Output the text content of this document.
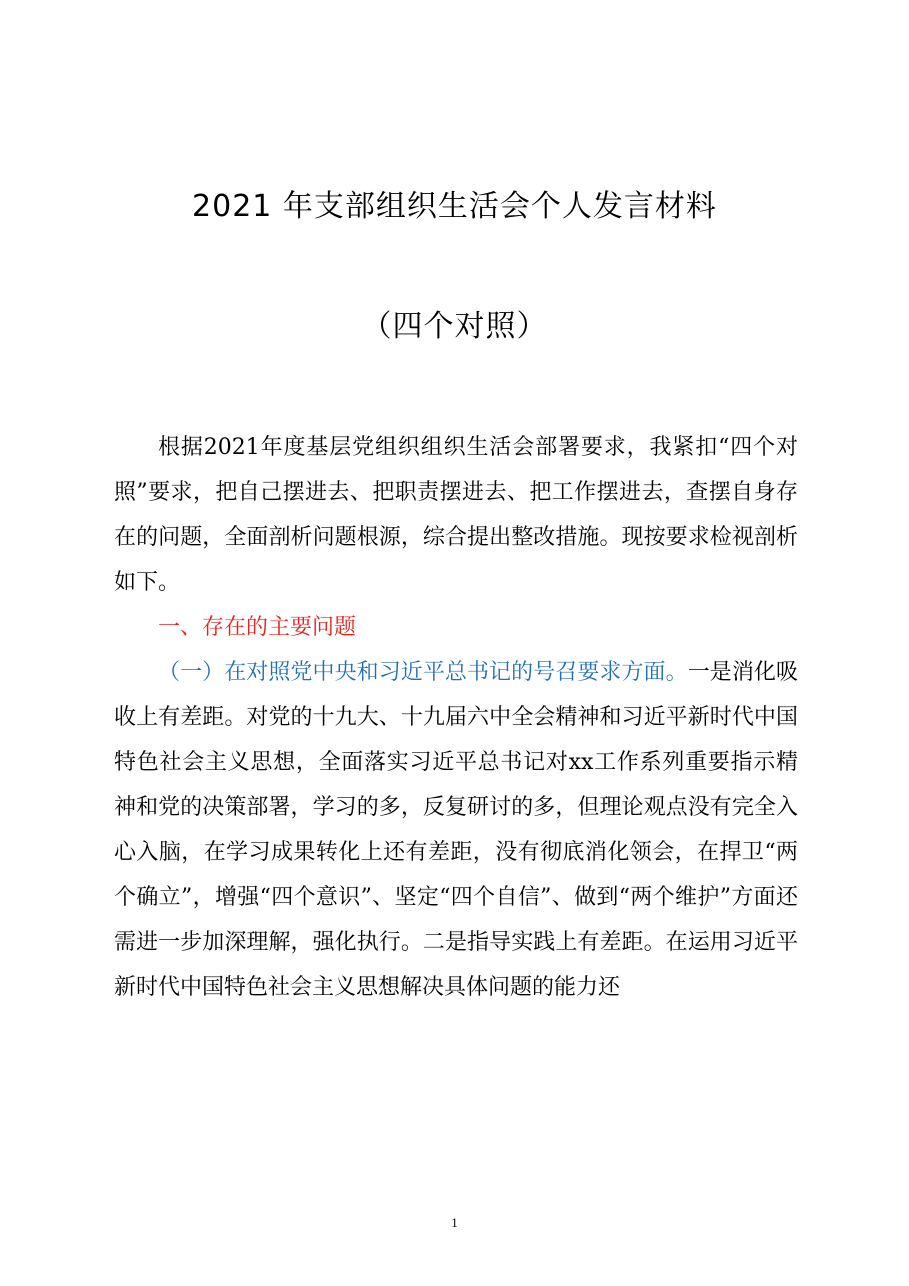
2021 年支部组织生活会个人发言材料
（四个对照）

根据2021年度基层党组织组织生活会部署要求，我紧扣“四个对照”要求，把自己摆进去、把职责摆进去、把工作摆进去，查摆自身存在的问题，全面剖析问题根源，综合提出整改措施。现按要求检视剖析如下。

一、存在的主要问题

（一）在对照党中央和习近平总书记的号召要求方面。一是消化吸收上有差距。对党的十九大、十九届六中全会精神和习近平新时代中国特色社会主义思想，全面落实习近平总书记对xx工作系列重要指示精神和党的决策部署，学习的多，反复研讨的多，但理论观点没有完全入心入脑，在学习成果转化上还有差距，没有彻底消化领会，在捍卫“两个确立”，增强“四个意识”、坚定“四个自信”、做到“两个维护”方面还需进一步加深理解，强化执行。二是指导实践上有差距。在运用习近平新时代中国特色社会主义思想解决具体问题的能力还

1
